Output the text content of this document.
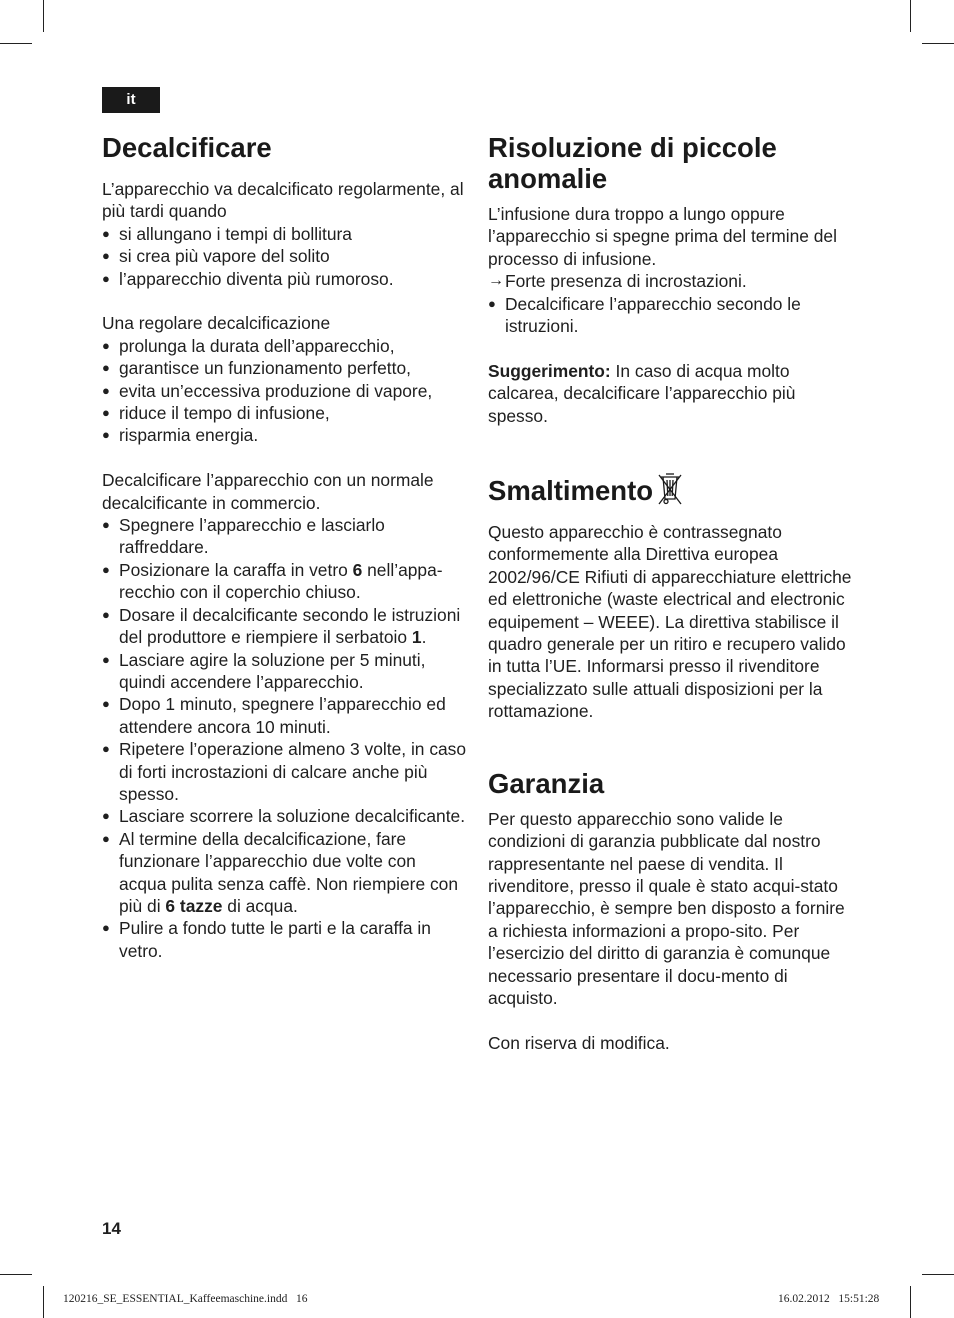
it
Decalcificare

L’apparecchio va decalcificato regolarmente, al più tardi quando

● si allungano i tempi di bollitura
● si crea più vapore del solito
● l’apparecchio diventa più rumoroso.

Una regolare decalcificazione

● prolunga la durata dell’apparecchio,
● garantisce un funzionamento perfetto,
● evita un’eccessiva produzione di vapore,
● riduce il tempo di infusione,
● risparmia energia.

Decalcificare l’apparecchio con un normale decalcificante in commercio.

● Spegnere l’apparecchio e lasciarlo raffreddare.
● Posizionare la caraffa in vetro 6 nell’appa-recchio con il coperchio chiuso.
● Dosare il decalcificante secondo le istruzioni del produttore e riempiere il serbatoio 1.
● Lasciare agire la soluzione per 5 minuti, quindi accendere l’apparecchio.
● Dopo 1 minuto, spegnere l’apparecchio ed attendere ancora 10 minuti.
● Ripetere l’operazione almeno 3 volte, in caso di forti incrostazioni di calcare anche più spesso.
● Lasciare scorrere la soluzione decalcificante.
● Al termine della decalcificazione, fare funzionare l’apparecchio due volte con acqua pulita senza caffè. Non riempiere con più di 6 tazze di acqua.
● Pulire a fondo tutte le parti e la caraffa in vetro.
Risoluzione di piccole anomalie

L’infusione dura troppo a lungo oppure l’apparecchio si spegne prima del termine del processo di infusione.

→ Forte presenza di incrostazioni.
● Decalcificare l’apparecchio secondo le istruzioni.

Suggerimento: In caso di acqua molto calcarea, decalcificare l’apparecchio più spesso.

Smaltimento

Questo apparecchio è contrassegnato conformemente alla Direttiva europea 2002/96/CE Rifiuti di apparecchiature elettriche ed elettroniche (waste electrical and electronic equipement – WEEE). La direttiva stabilisce il quadro generale per un ritiro e recupero valido in tutta l’UE. Informarsi presso il rivenditore specializzato sulle attuali disposizioni per la rottamazione.

Garanzia

Per questo apparecchio sono valide le condizioni di garanzia pubblicate dal nostro rappresentante nel paese di vendita. Il rivenditore, presso il quale è stato acqui-stato l’apparecchio, è sempre ben disposto a fornire a richiesta informazioni a propo-sito. Per l’esercizio del diritto di garanzia è comunque necessario presentare il docu-mento di acquisto.

Con riserva di modifica.

14
120216_SE_ESSENTIAL_Kaffeemaschine.indd   16	16.02.2012   15:51:28
